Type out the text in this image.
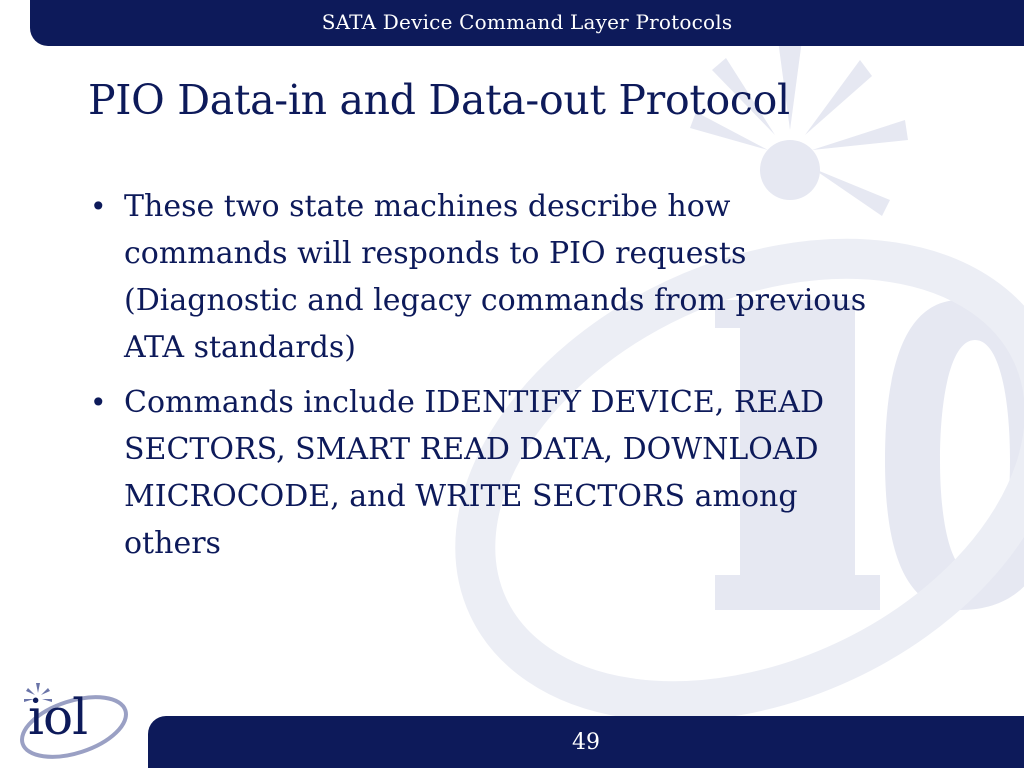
SATA Device Command Layer Protocols
PIO Data-in and Data-out Protocol
• These two state machines describe how commands will responds to PIO requests (Diagnostic and legacy commands from previous ATA standards)
• Commands include IDENTIFY DEVICE, READ SECTORS, SMART READ DATA, DOWNLOAD MICROCODE, and WRITE SECTORS among others
iol	49
